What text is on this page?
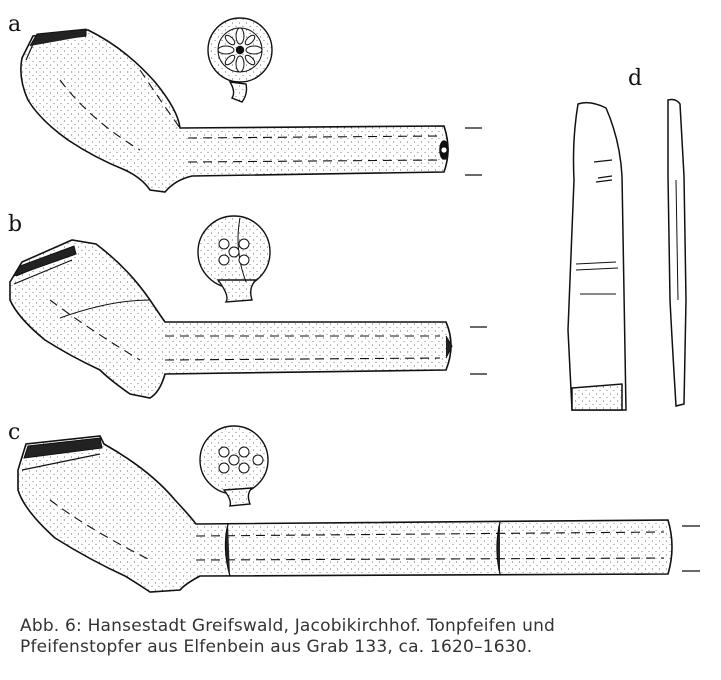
a
b
c
d
Abb. 6: Hansestadt Greifswald, Jacobikirchhof. Tonpfeifen und
Pfeifenstopfer aus Elfenbein aus Grab 133, ca. 1620–1630.
